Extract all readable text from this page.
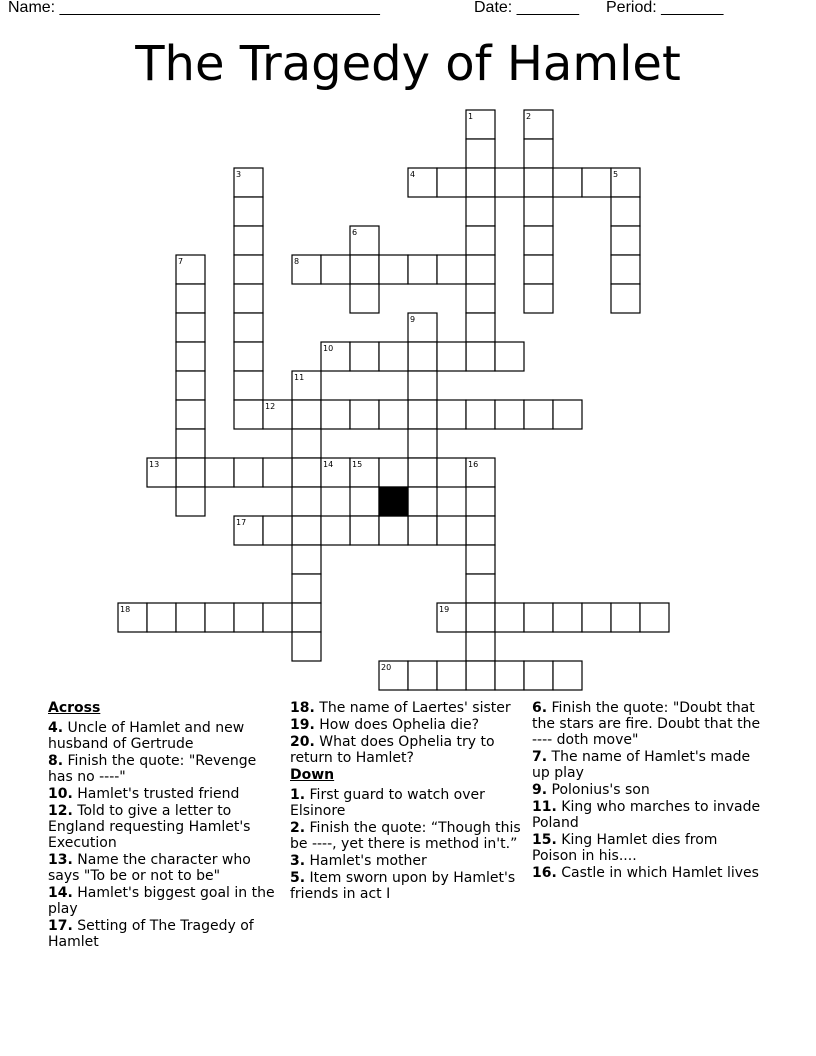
Name: ____________________________________	Date: _______ Period: _______
The Tragedy of Hamlet
1	2
3	4	5
6
7	8
9
10
11
12
13	14 15	16
17
18	19
20
Across
4. Uncle of Hamlet and new husband of Gertrude
8. Finish the quote: "Revenge has no ----"
10. Hamlet's trusted friend
12. Told to give a letter to England requesting Hamlet's Execution
13. Name the character who says "To be or not to be"
14. Hamlet's biggest goal in the play
17. Setting of The Tragedy of Hamlet
18. The name of Laertes' sister
19. How does Ophelia die?
20. What does Ophelia try to return to Hamlet?
Down
1. First guard to watch over Elsinore
2. Finish the quote: “Though this be ----, yet there is method in't.”
3. Hamlet's mother
5. Item sworn upon by Hamlet's friends in act I
6. Finish the quote: "Doubt that the stars are fire. Doubt that the ---- doth move"
7. The name of Hamlet's made up play
9. Polonius's son
11. King who marches to invade Poland
15. King Hamlet dies from Poison in his....
16. Castle in which Hamlet lives
